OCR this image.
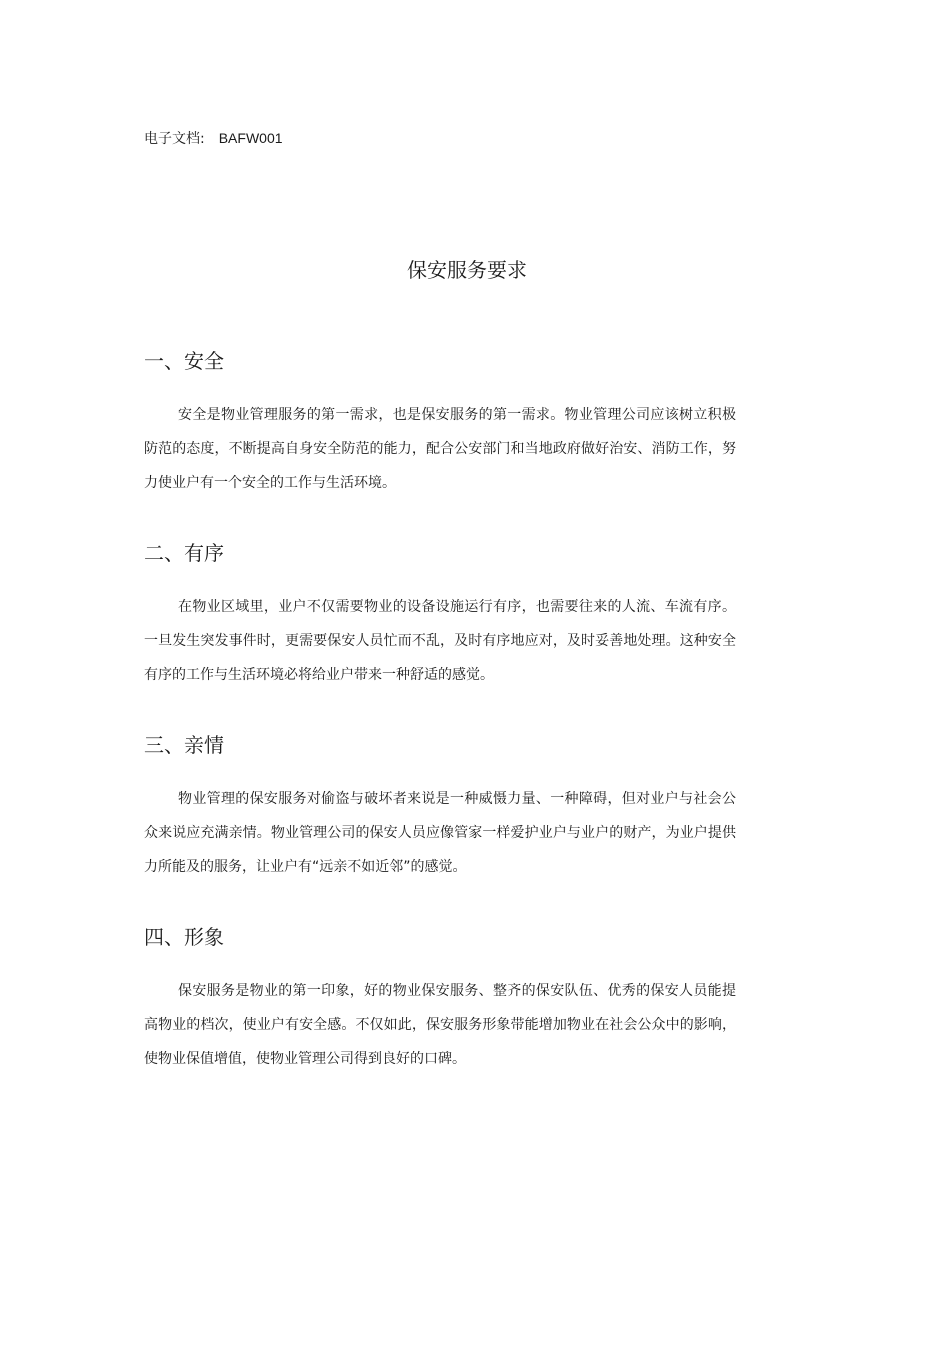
电子文档: BAFW001
保安服务要求
一、安全

安全是物业管理服务的第一需求，也是保安服务的第一需求。物业管理公司应该树立积极防范的态度，不断提高自身安全防范的能力，配合公安部门和当地政府做好治安、消防工作，努力使业户有一个安全的工作与生活环境。

二、有序

在物业区域里，业户不仅需要物业的设备设施运行有序，也需要往来的人流、车流有序。一旦发生突发事件时，更需要保安人员忙而不乱，及时有序地应对，及时妥善地处理。这种安全有序的工作与生活环境必将给业户带来一种舒适的感觉。

三、亲情

物业管理的保安服务对偷盗与破坏者来说是一种威慑力量、一种障碍，但对业户与社会公众来说应充满亲情。物业管理公司的保安人员应像管家一样爱护业户与业户的财产，为业户提供力所能及的服务，让业户有“远亲不如近邻”的感觉。

四、形象

保安服务是物业的第一印象，好的物业保安服务、整齐的保安队伍、优秀的保安人员能提高物业的档次，使业户有安全感。不仅如此，保安服务形象带能增加物业在社会公众中的影响，使物业保值增值，使物业管理公司得到良好的口碑。
